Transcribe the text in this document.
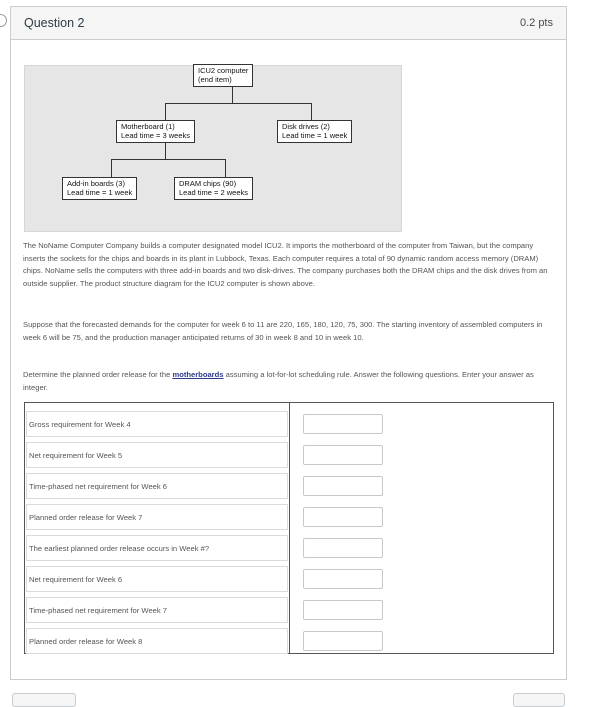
Question 2	0.2 pts
ICU2 computer
(end item)
Motherboard (1)
Lead time = 3 weeks
Disk drives (2)
Lead time = 1 week
Add-in boards (3)
Lead time = 1 week
DRAM chips (90)
Lead time = 2 weeks

The NoName Computer Company builds a computer designated model ICU2. It imports the motherboard of the computer from Taiwan, but the company inserts the sockets for the chips and boards in its plant in Lubbock, Texas. Each computer requires a total of 90 dynamic random access memory (DRAM) chips. NoName sells the computers with three add-in boards and two disk-drives. The company purchases both the DRAM chips and the disk drives from an outside supplier. The product structure diagram for the ICU2 computer is shown above.

Suppose that the forecasted demands for the computer for week 6 to 11 are 220, 165, 180, 120, 75, 300. The starting inventory of assembled computers in week 6 will be 75, and the production manager anticipated returns of 30 in week 8 and 10 in week 10.

Determine the planned order release for the motherboards assuming a lot-for-lot scheduling rule. Answer the following questions. Enter your answer as integer.

Gross requirement for Week 4
Net requirement for Week 5
Time-phased net requirement for Week 6
Planned order release for Week 7
The earliest planned order release occurs in Week #?
Net requirement for Week 6
Time-phased net requirement for Week 7
Planned order release for Week 8
